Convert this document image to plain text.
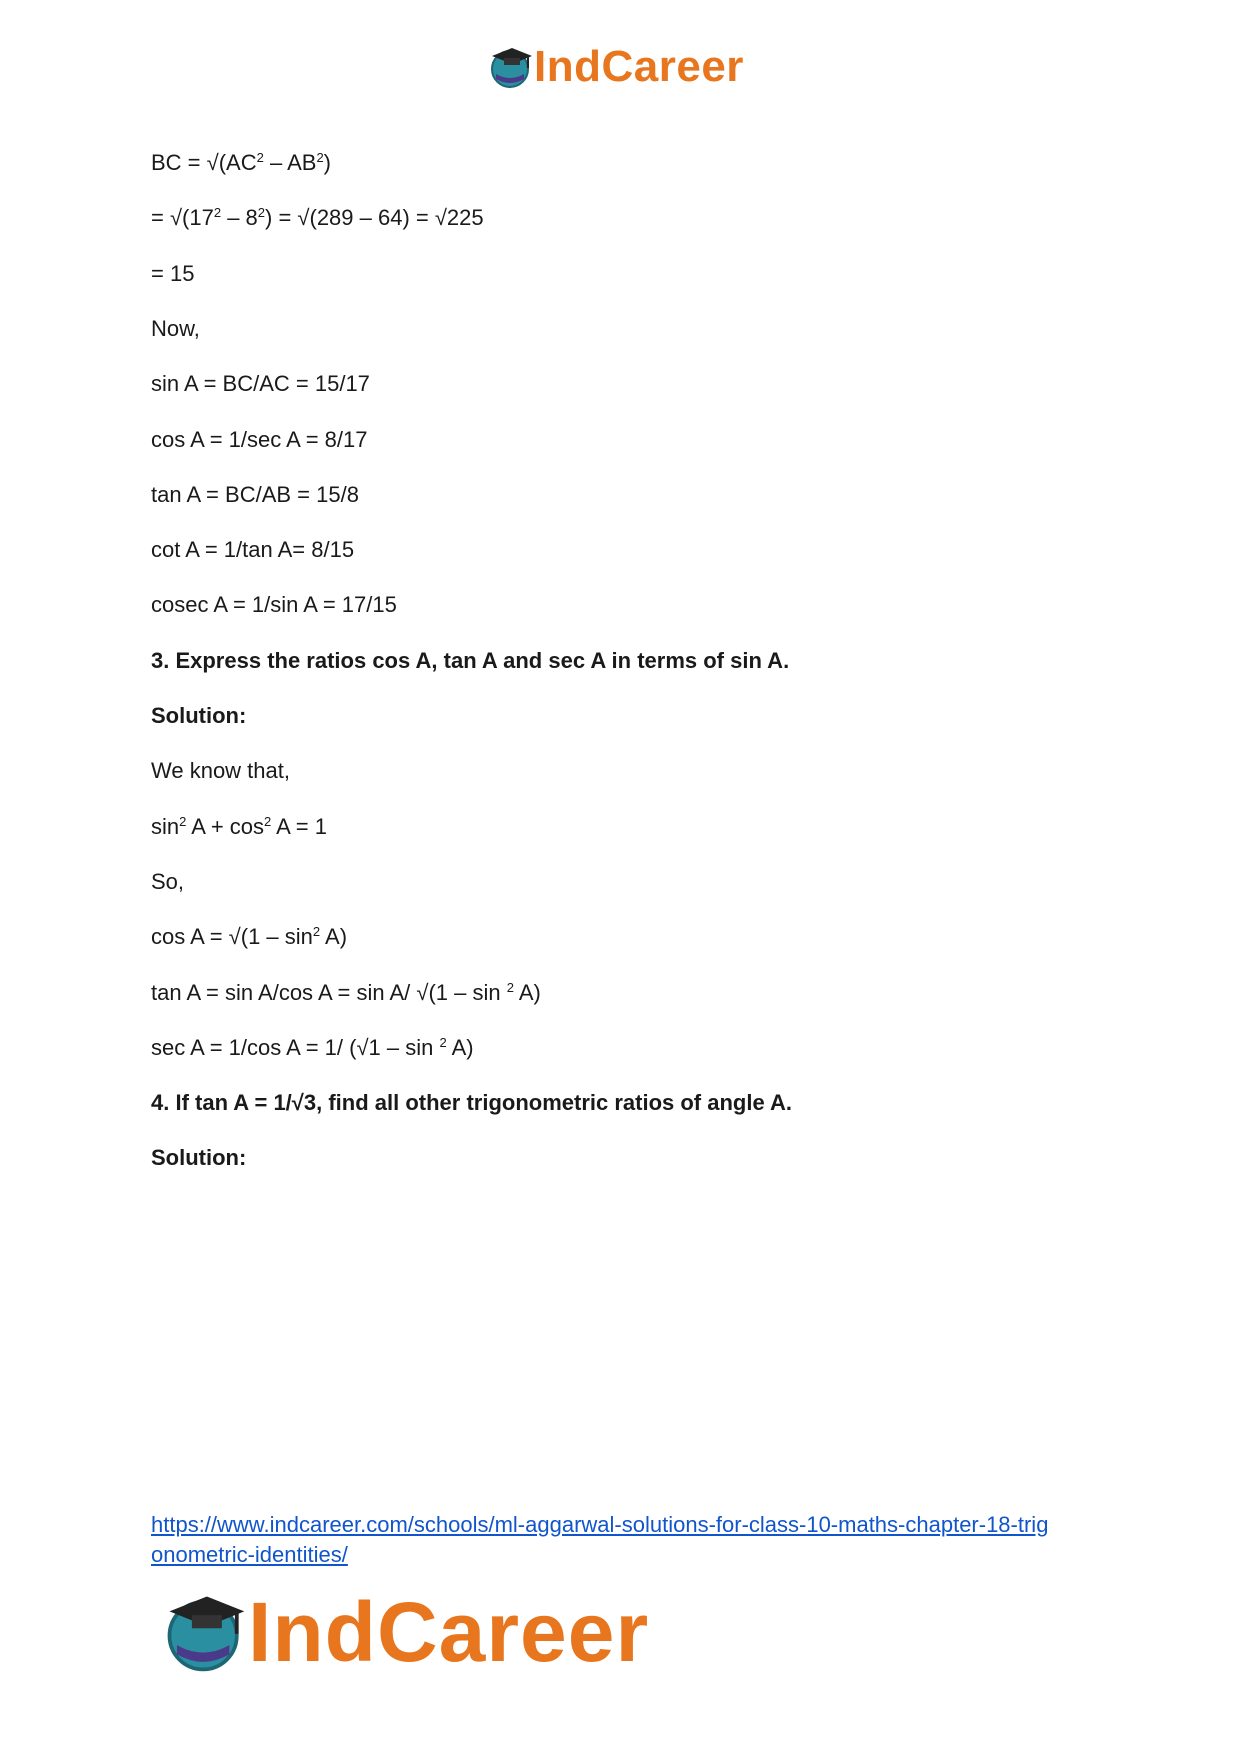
IndCareer
BC = $√(AC^2 - AB^2)$
= $√(17^2 - 8^2) = √(289 - 64) = √225$
= 15
Now,
sin A = BC/AC = 15/17
cos A = 1/sec A = 8/17
tan A = BC/AB = 15/8
cot A = 1/tan A= 8/15
cosec A = 1/sin A = 17/15
3. Express the ratios cos A, tan A and sec A in terms of sin A.
Solution:
We know that,
$\sin^2 A + \cos^2 A = 1$
So,
$\cos A = √(1 - \sin^2 A)$
tan A = sin A/cos A = sin A/ √(1 – sin $^2$ A)
sec A = 1/cos A = 1/ (√1 – sin $^2$ A)
4. If tan A = 1/√3, find all other trigonometric ratios of angle A.
Solution:
https://www.indcareer.com/schools/ml-aggarwal-solutions-for-class-10-maths-chapter-18-trig
onometric-identities/
IndCareer
